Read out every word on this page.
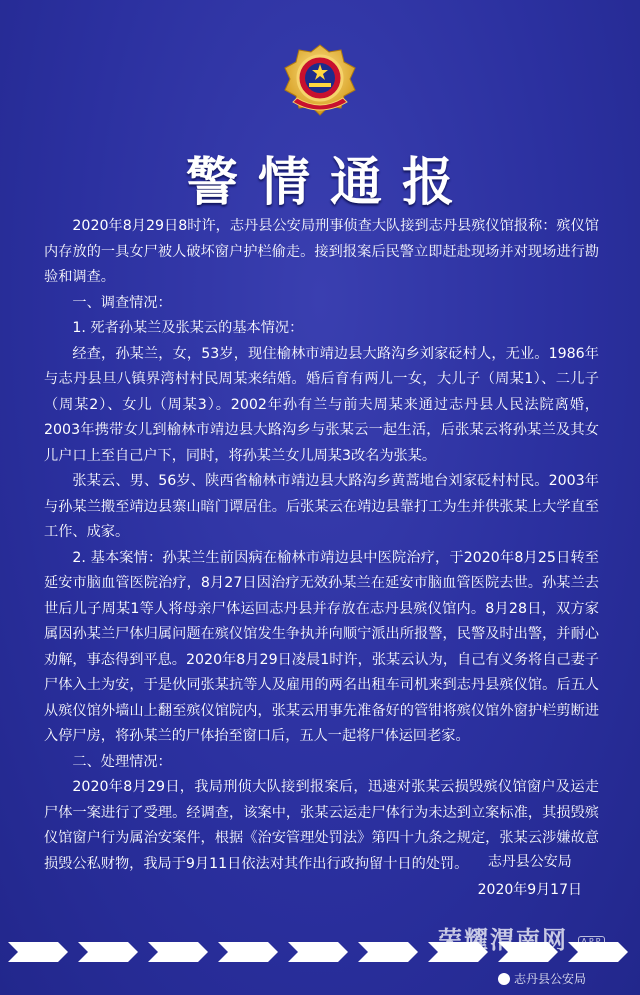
警情通报

2020年8月29日8时许，志丹县公安局刑事侦查大队接到志丹县殡仪馆报称：殡仪馆内存放的一具女尸被人破坏窗户护栏偷走。接到报案后民警立即赶赴现场并对现场进行勘验和调查。

一、调查情况：

1. 死者孙某兰及张某云的基本情况：

经查，孙某兰，女，53岁，现住榆林市靖边县大路沟乡刘家砭村人，无业。1986年与志丹县旦八镇界湾村村民周某来结婚。婚后育有两儿一女，大儿子（周某1）、二儿子（周某2）、女儿（周某3）。2002年孙有兰与前夫周某来通过志丹县人民法院离婚，2003年携带女儿到榆林市靖边县大路沟乡与张某云一起生活，后张某云将孙某兰及其女儿户口上至自己户下，同时，将孙某兰女儿周某3改名为张某。

张某云、男、56岁、陕西省榆林市靖边县大路沟乡黄蒿地台刘家砭村村民。2003年与孙某兰搬至靖边县寨山暗门谭居住。后张某云在靖边县靠打工为生并供张某上大学直至工作、成家。

2. 基本案情：孙某兰生前因病在榆林市靖边县中医院治疗，于2020年8月25日转至延安市脑血管医院治疗，8月27日因治疗无效孙某兰在延安市脑血管医院去世。孙某兰去世后儿子周某1等人将母亲尸体运回志丹县并存放在志丹县殡仪馆内。8月28日，双方家属因孙某兰尸体归属问题在殡仪馆发生争执并向顺宁派出所报警，民警及时出警，并耐心劝解，事态得到平息。2020年8月29日凌晨1时许，张某云认为，自己有义务将自己妻子尸体入土为安，于是伙同张某抗等人及雇用的两名出租车司机来到志丹县殡仪馆。后五人从殡仪馆外墙山上翻至殡仪馆院内，张某云用事先准备好的管钳将殡仪馆外窗护栏剪断进入停尸房，将孙某兰的尸体抬至窗口后，五人一起将尸体运回老家。

二、处理情况：

2020年8月29日，我局刑侦大队接到报案后，迅速对张某云损毁殡仪馆窗户及运走尸体一案进行了受理。经调查，该案中，张某云运走尸体行为未达到立案标准，其损毁殡仪馆窗户行为属治安案件，根据《治安管理处罚法》第四十九条之规定，张某云涉嫌故意损毁公私财物，我局于9月11日依法对其作出行政拘留十日的处罚。	志丹县公安局
2020年9月17日
荣耀渭南网 APP
志丹县公安局
